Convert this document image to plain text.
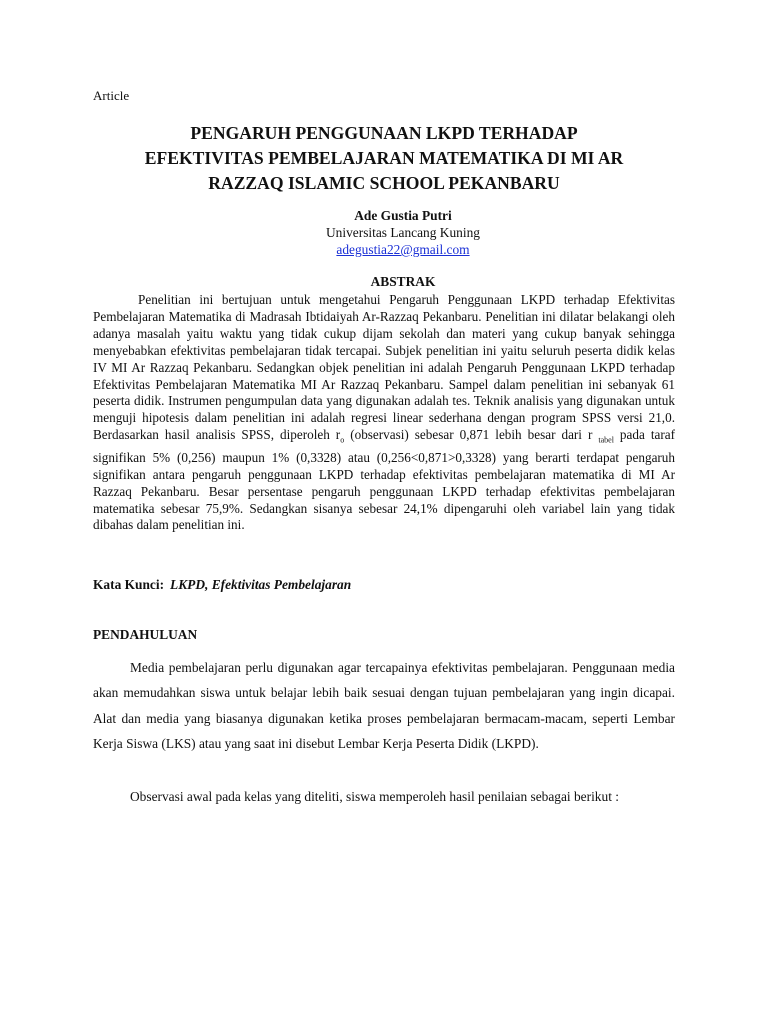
Article
PENGARUH PENGGUNAAN LKPD TERHADAP
EFEKTIVITAS PEMBELAJARAN MATEMATIKA DI MI AR
RAZZAQ ISLAMIC SCHOOL PEKANBARU
Ade Gustia Putri
Universitas Lancang Kuning
adegustia22@gmail.com
ABSTRAK
Penelitian ini bertujuan untuk mengetahui Pengaruh Penggunaan LKPD terhadap Efektivitas Pembelajaran Matematika di Madrasah Ibtidaiyah Ar-Razzaq Pekanbaru. Penelitian ini dilatar belakangi oleh adanya masalah yaitu waktu yang tidak cukup dijam sekolah dan materi yang cukup banyak sehingga menyebabkan efektivitas pembelajaran tidak tercapai. Subjek penelitian ini yaitu seluruh peserta didik kelas IV MI Ar Razzaq Pekanbaru. Sedangkan objek penelitian ini adalah Pengaruh Penggunaan LKPD terhadap Efektivitas Pembelajaran Matematika MI Ar Razzaq Pekanbaru. Sampel dalam penelitian ini sebanyak 61 peserta didik. Instrumen pengumpulan data yang digunakan adalah tes. Teknik analisis yang digunakan untuk menguji hipotesis dalam penelitian ini adalah regresi linear sederhana dengan program SPSS versi 21,0. Berdasarkan hasil analisis SPSS, diperoleh $r_o$ (observasi) sebesar 0,871 lebih besar dari r $_{tabel}$ pada taraf signifikan 5% (0,256) maupun 1% (0,3328) atau (0,256<0,871>0,3328) yang berarti terdapat pengaruh signifikan antara pengaruh penggunaan LKPD terhadap efektivitas pembelajaran matematika di MI Ar Razzaq Pekanbaru. Besar persentase pengaruh penggunaan LKPD terhadap efektivitas pembelajaran matematika sebesar 75,9%. Sedangkan sisanya sebesar 24,1% dipengaruhi oleh variabel lain yang tidak dibahas dalam penelitian ini.
Kata Kunci: LKPD, Efektivitas Pembelajaran
PENDAHULUAN
Media pembelajaran perlu digunakan agar tercapainya efektivitas pembelajaran. Penggunaan media akan memudahkan siswa untuk belajar lebih baik sesuai dengan tujuan pembelajaran yang ingin dicapai. Alat dan media yang biasanya digunakan ketika proses pembelajaran bermacam-macam, seperti Lembar Kerja Siswa (LKS) atau yang saat ini disebut Lembar Kerja Peserta Didik (LKPD).
Observasi awal pada kelas yang diteliti, siswa memperoleh hasil penilaian sebagai berikut :
